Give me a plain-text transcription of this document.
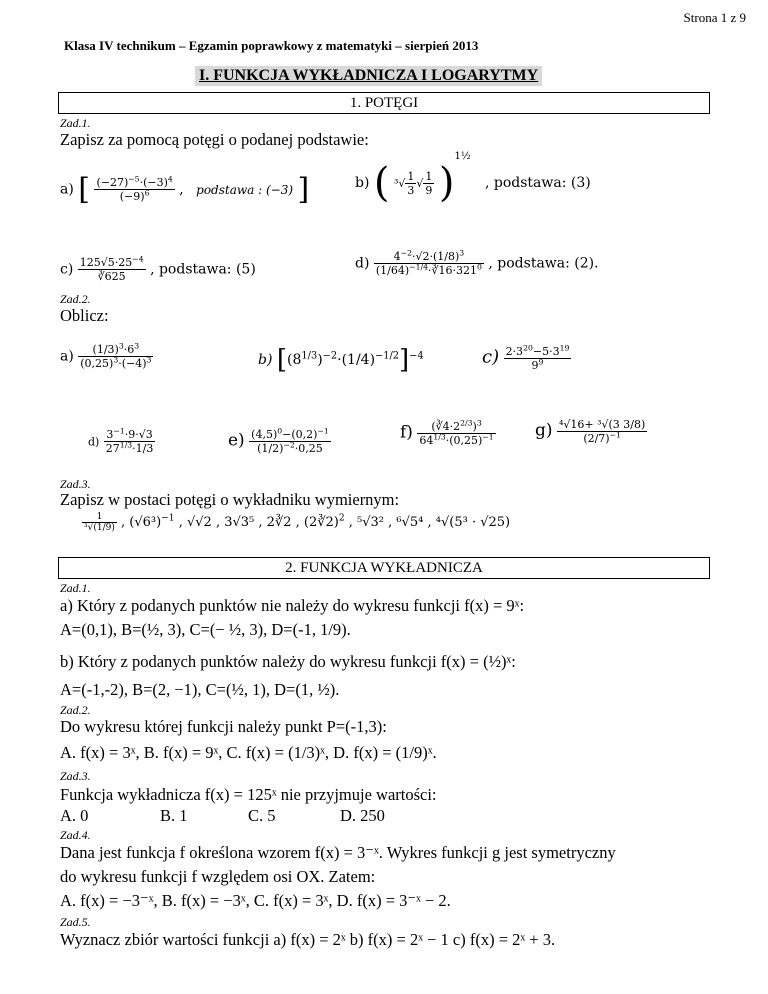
Strona 1 z 9
Klasa IV technikum – Egzamin poprawkowy z matematyki – sierpień 2013
I. FUNKCJA WYKŁADNICZA I LOGARYTMY
1. POTĘGI
Zad.1.
Zapisz za pomocą potęgi o podanej podstawie:
a) [ $\frac{(-27)^{-5}\cdot(-3)^4}{(-9)^6}$ , podstawa : (−3) ]	b) ( $^3√ \frac{1}{3}$ √ $\frac{1}{9} )^{1\frac{1}{2}}$ , podstawa: (3)
$c) \frac{125√5\cdot 25^{-4}}{∛625}$ , podstawa: (5)	$d) \frac{4^{-2}\cdot√2\cdot(1/8)^3}{(1/64)^{-1/4}\cdot∛16\cdot 321^0}$ , podstawa: (2).
Zad.2.
Oblicz:
$a) \frac{(1/3)^3\cdot 6^3}{(0,25)^3\cdot(-4)^3}$	b) $[(8^{1/3})^{-2}\cdot(1/4)^{-1/2}]^{-4}$	$c) \frac{2\cdot 3^{20}-5\cdot 3^{19}}{9^9}$
$d) \frac{3^{-1}\cdot 9\cdot√3}{27^{1/3}\cdot 1/3}$	$e) \frac{(4,5)^0-(0,2)^{-1}}{(1/2)^{-2}\cdot 0,25}$	$f) \frac{(∛4\cdot 2^{2/3})^3}{64^{1/3}\cdot(0,25)^{-1}} g) \frac{\text{⁴√16+ ³√(3 3/8)}}{(2/7)^{-1}}$
Zad.3.
Zapisz w postaci potęgi o wykładniku wymiernym:
$\frac{1}{\text{³√(1/9)}}$ , $(√6^3)^{-1}$ , √√2 , 3√3⁵ , 2∛2 , (2∛2)$^2$ , ⁵√3² , ⁶√5⁴ , ⁴√(5³ · √25)
2. FUNKCJA WYKŁADNICZA
Zad.1.
a) Który z podanych punktów nie należy do wykresu funkcji f(x) = 9ˣ:
A=(0,1), B=(½, 3), C=(− ½, 3), D=(-1, 1/9).
b) Który z podanych punktów należy do wykresu funkcji f(x) = (½)ˣ:
A=(-1,-2), B=(2, −1), C=(½, 1), D=(1, ½).
Zad.2.
Do wykresu której funkcji należy punkt P=(-1,3):
A. f(x) = 3ˣ, B. f(x) = 9ˣ, C. f(x) = (1/3)ˣ, D. f(x) = (1/9)ˣ.
Zad.3.
Funkcja wykładnicza f(x) = 125ˣ nie przyjmuje wartości:
A. 0	B. 1	C. 5	D. 250
Zad.4.
Dana jest funkcja f określona wzorem f(x) = 3⁻ˣ. Wykres funkcji g jest symetryczny
do wykresu funkcji f względem osi OX. Zatem:
A. f(x) = −3⁻ˣ, B. f(x) = −3ˣ, C. f(x) = 3ˣ, D. f(x) = 3⁻ˣ − 2.
Zad.5.
Wyznacz zbiór wartości funkcji a) f(x) = 2ˣ b) f(x) = 2ˣ − 1 c) f(x) = 2ˣ + 3.
